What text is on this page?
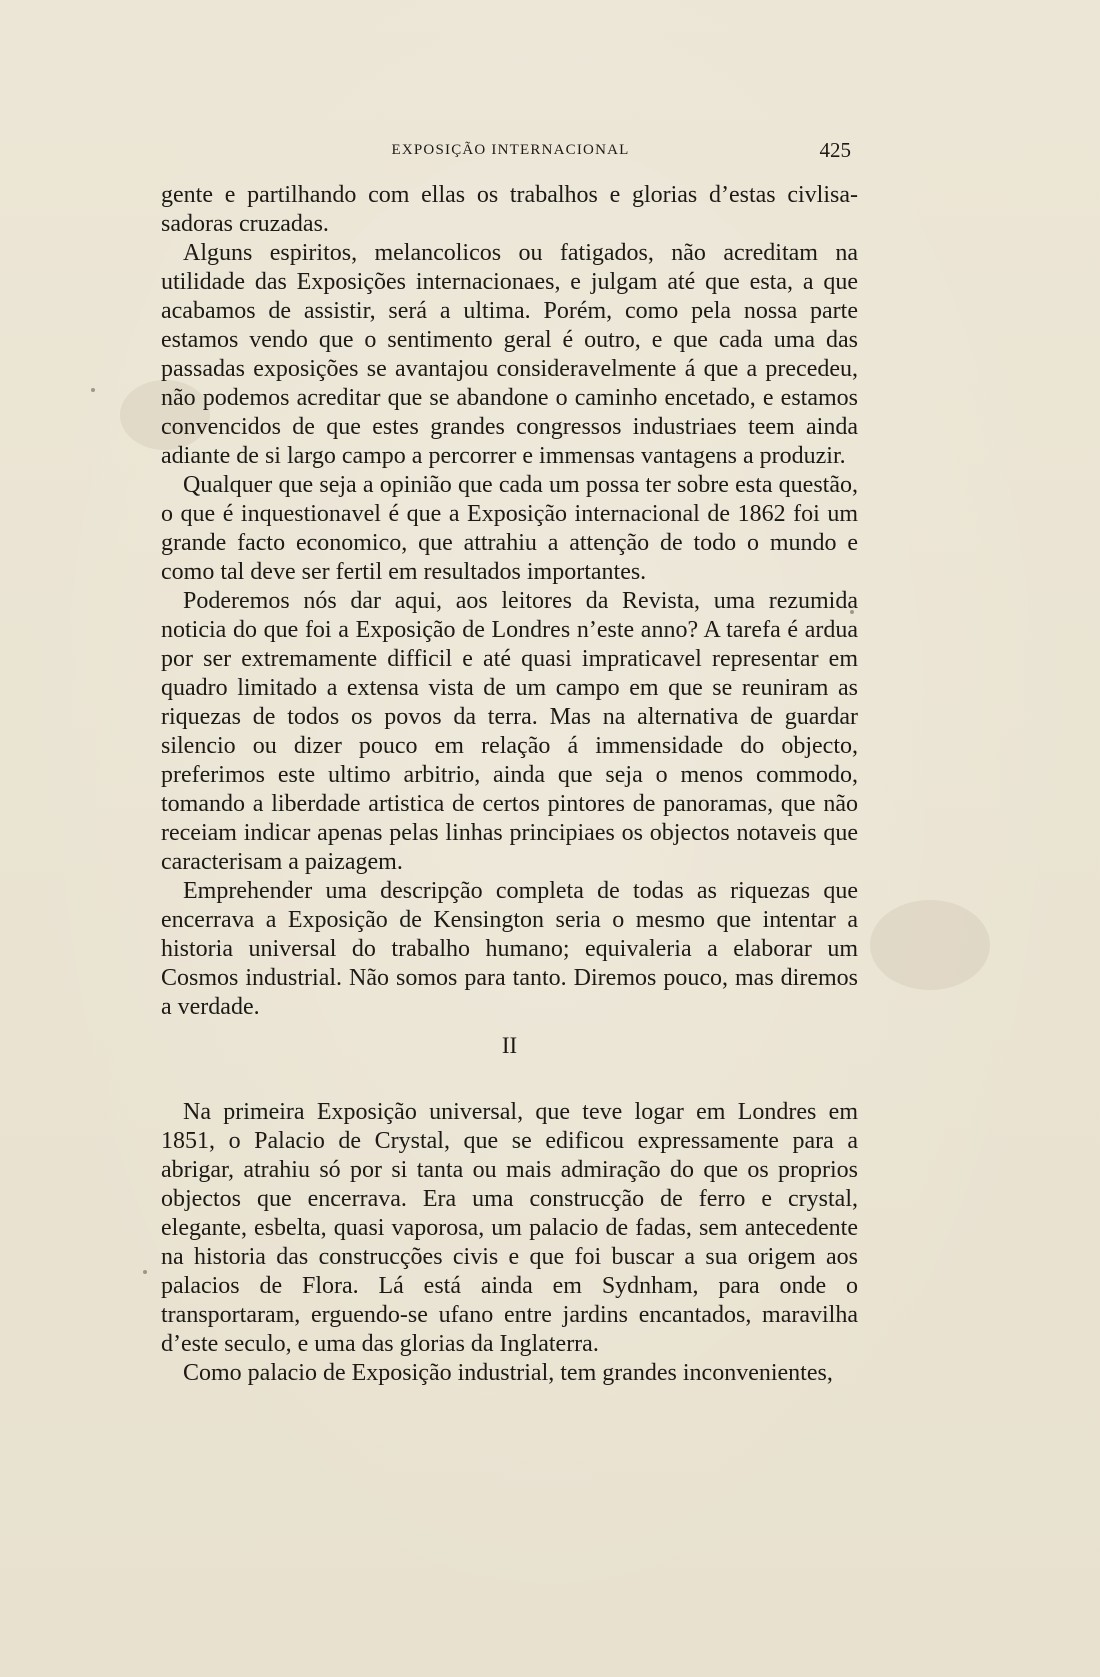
EXPOSIÇÃO INTERNACIONAL	425

gente e partilhando com ellas os trabalhos e glorias d’estas civlisa-sadoras cruzadas.

Alguns espiritos, melancolicos ou fatigados, não acreditam na utilidade das Exposições internacionaes, e julgam até que esta, a que acabamos de assistir, será a ultima. Porém, como pela nossa parte estamos vendo que o sentimento geral é outro, e que cada uma das passadas exposições se avantajou consideravelmente á que a precedeu, não podemos acreditar que se abandone o caminho encetado, e estamos convencidos de que estes grandes congressos industriaes teem ainda adiante de si largo campo a percorrer e immensas vantagens a produzir.

Qualquer que seja a opinião que cada um possa ter sobre esta questão, o que é inquestionavel é que a Exposição internacional de 1862 foi um grande facto economico, que attrahiu a attenção de todo o mundo e como tal deve ser fertil em resultados importantes.

Poderemos nós dar aqui, aos leitores da Revista, uma rezumida noticia do que foi a Exposição de Londres n’este anno? A tarefa é ardua por ser extremamente difficil e até quasi impraticavel representar em quadro limitado a extensa vista de um campo em que se reuniram as riquezas de todos os povos da terra. Mas na alternativa de guardar silencio ou dizer pouco em relação á immensidade do objecto, preferimos este ultimo arbitrio, ainda que seja o menos commodo, tomando a liberdade artistica de certos pintores de panoramas, que não receiam indicar apenas pelas linhas principiaes os objectos notaveis que caracterisam a paizagem.

Emprehender uma descripção completa de todas as riquezas que encerrava a Exposição de Kensington seria o mesmo que intentar a historia universal do trabalho humano; equivaleria a elaborar um Cosmos industrial. Não somos para tanto. Diremos pouco, mas diremos a verdade.

II

Na primeira Exposição universal, que teve logar em Londres em 1851, o Palacio de Crystal, que se edificou expressamente para a abrigar, atrahiu só por si tanta ou mais admiração do que os proprios objectos que encerrava. Era uma construcção de ferro e crystal, elegante, esbelta, quasi vaporosa, um palacio de fadas, sem antecedente na historia das construcções civis e que foi buscar a sua origem aos palacios de Flora. Lá está ainda em Sydnham, para onde o transportaram, erguendo-se ufano entre jardins encantados, maravilha d’este seculo, e uma das glorias da Inglaterra.

Como palacio de Exposição industrial, tem grandes inconvenientes,
